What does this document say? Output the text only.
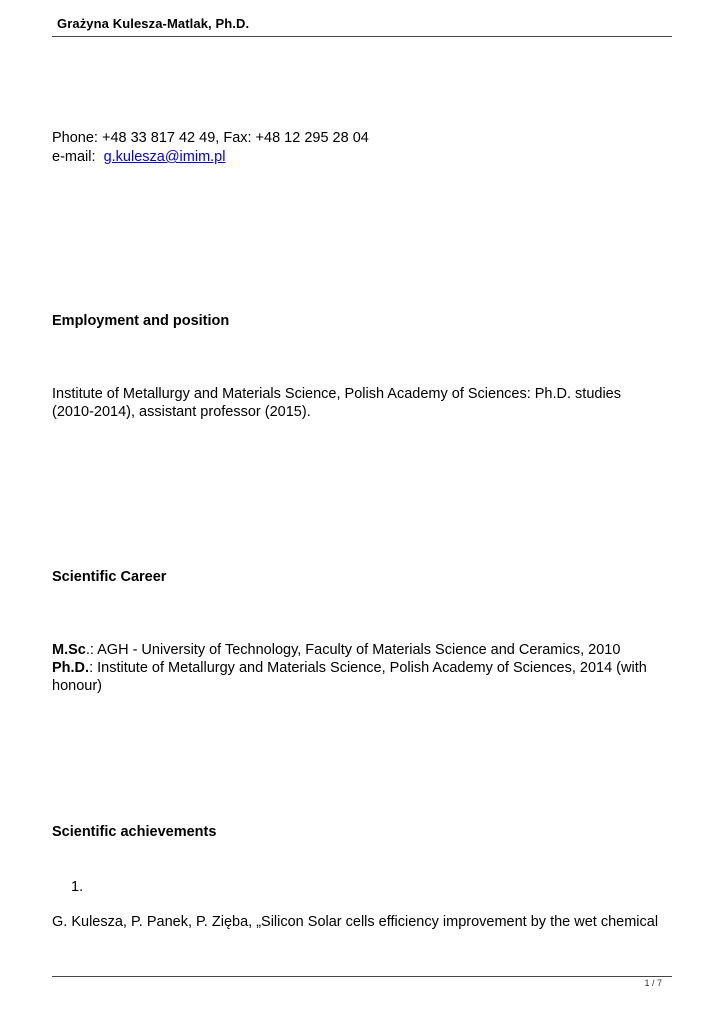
Grażyna Kulesza-Matlak, Ph.D.
Phone: +48 33 817 42 49, Fax: +48 12 295 28 04
e-mail: g.kulesza@imim.pl
Employment and position
Institute of Metallurgy and Materials Science, Polish Academy of Sciences: Ph.D. studies
(2010-2014), assistant professor (2015).
Scientific Career
M.Sc.: AGH - University of Technology, Faculty of Materials Science and Ceramics, 2010
Ph.D.: Institute of Metallurgy and Materials Science, Polish Academy of Sciences, 2014 (with
honour)
Scientific achievements
1.
G. Kulesza, P. Panek, P. Zięba, „Silicon Solar cells efficiency improvement by the wet chemical
1 / 7
